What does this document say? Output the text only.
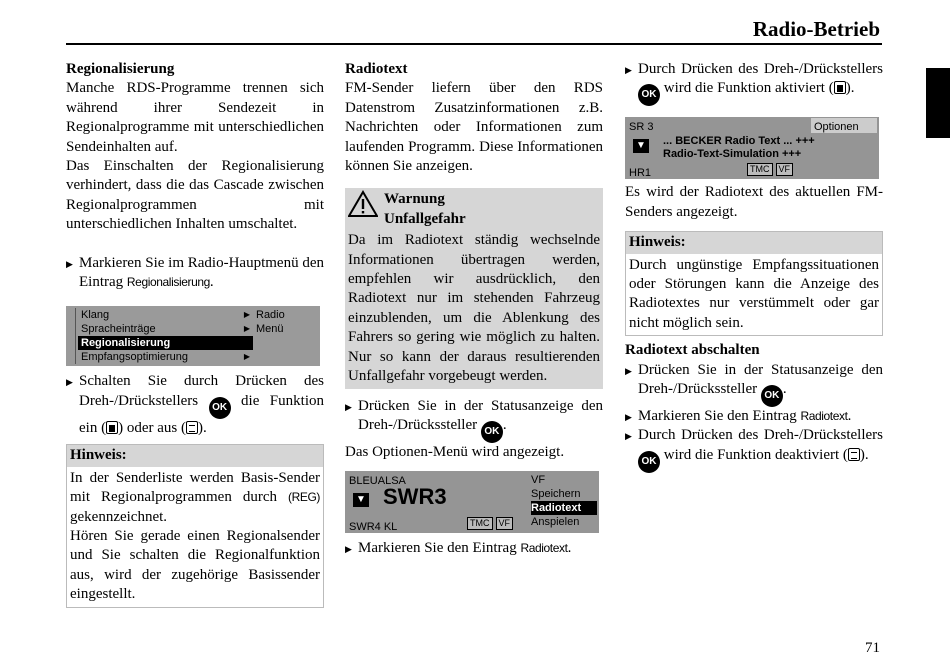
Radio-Betrieb
Regionalisierung
Manche RDS-Programme trennen sich während ihrer Sendezeit in Regionalprogramme mit unterschiedlichen Sendeinhalten auf.
Das Einschalten der Regionalisierung verhindert, dass die das Cascade zwischen Regionalprogrammen mit unterschiedlichen Inhalten umschaltet.
▶ Markieren Sie im Radio-Hauptmenü den Eintrag Regionalisierung.
Klang	▶
Spracheinträge	▶
Regionalisierung
Empfangsoptimierung	▶
Radio
Menü
▶ Schalten Sie durch Drücken des Dreh-/Drückstellers OK die Funktion ein ( ) oder aus ( ).
Hinweis:
In der Senderliste werden Basis-Sender mit Regionalprogrammen durch (REG) gekennzeichnet.
Hören Sie gerade einen Regionalsender und Sie schalten die Regionalfunktion aus, wird der zugehörige Basissender eingestellt.
Radiotext
FM-Sender liefern über den RDS Datenstrom Zusatzinformationen z.B. Nachrichten oder Informationen zum laufenden Programm. Diese Informationen können Sie anzeigen.
Warnung
Unfallgefahr
Da im Radiotext ständig wechselnde Informationen übertragen werden, empfehlen wir ausdrücklich, den Radiotext nur im stehenden Fahrzeug einzublenden, um die Ablenkung des Fahrers so gering wie möglich zu halten. Nur so kann der daraus resultierenden Unfallgefahr vorgebeugt werden.
▶ Drücken Sie in der Statusanzeige den Dreh-/Drückssteller OK .
Das Optionen-Menü wird angezeigt.
BLEUALSA
▼ SWR3
SWR4 KL	TMC	VF
VF
Speichern
Radiotext
Anspielen
▶ Markieren Sie den Eintrag Radiotext.
▶ Durch Drücken des Dreh-/Drückstellers OK wird die Funktion aktiviert ( ).
SR 3	Optionen
▼ ... BECKER Radio Text ... +++
Radio-Text-Simulation +++
HR1	TMC	VF
Es wird der Radiotext des aktuellen FM-Senders angezeigt.
Hinweis:
Durch ungünstige Empfangssituationen oder Störungen kann die Anzeige des Radiotextes nur verstümmelt oder gar nicht möglich sein.
Radiotext abschalten
▶ Drücken Sie in der Statusanzeige den Dreh-/Drückssteller OK .
▶ Markieren Sie den Eintrag Radiotext.
▶ Durch Drücken des Dreh-/Drückstellers OK wird die Funktion deaktiviert ( ).
71
